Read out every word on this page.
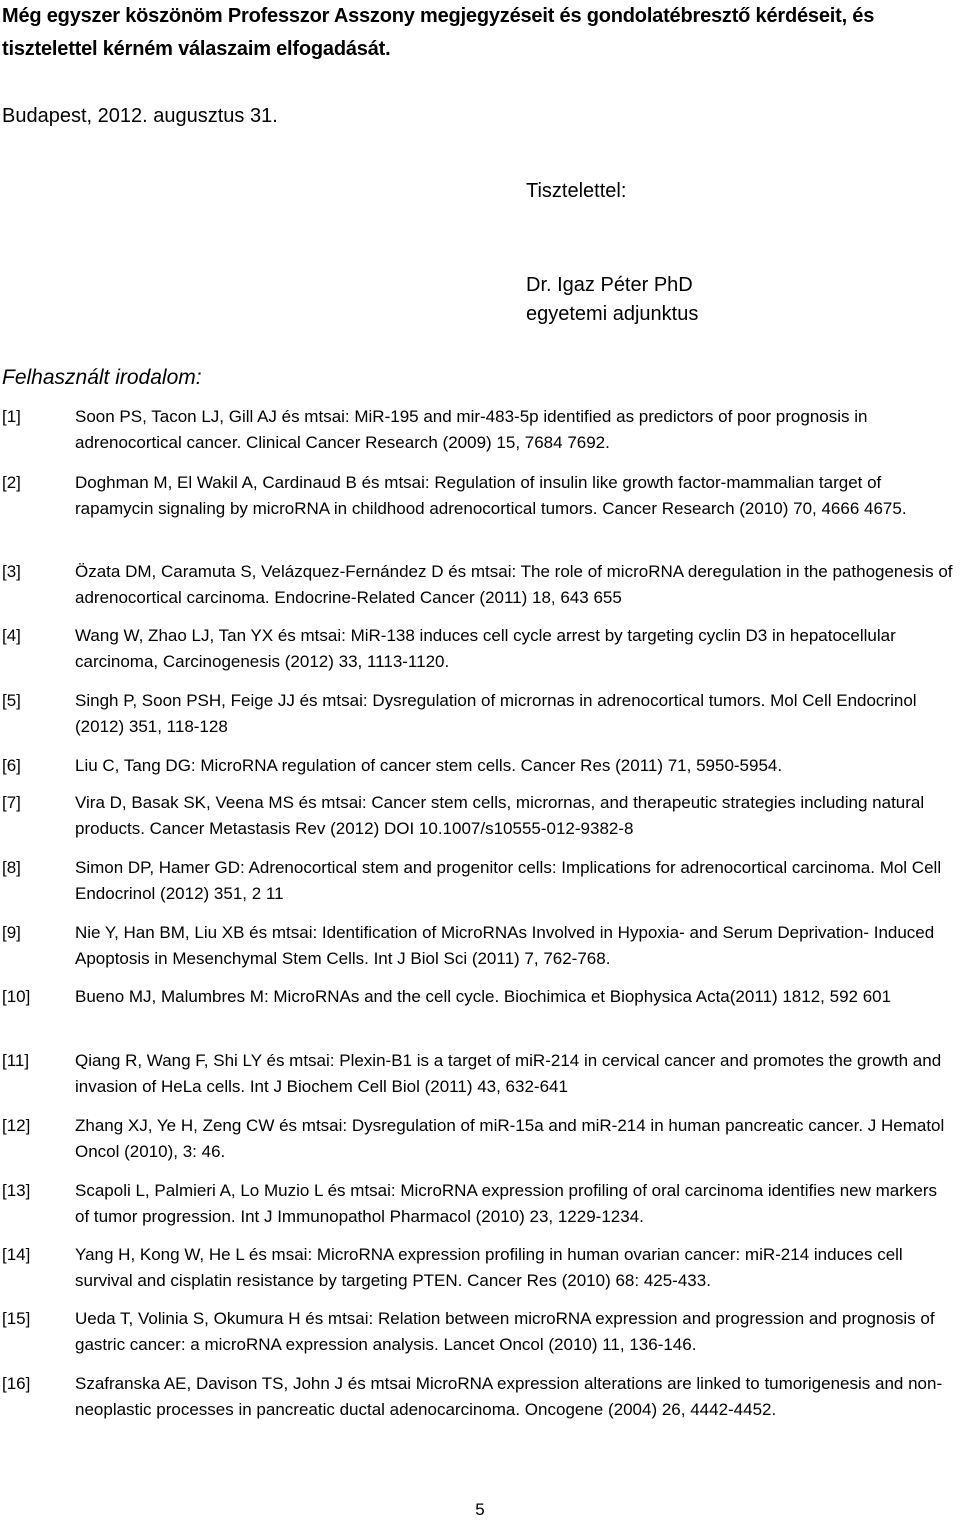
Még egyszer köszönöm Professzor Asszony megjegyzéseit és gondolatébresztő kérdéseit, és tisztelettel kérném válaszaim elfogadását.
Budapest, 2012. augusztus 31.
Tisztelettel:
Dr. Igaz Péter PhD
egyetemi adjunktus
Felhasznált irodalom:
[1]	Soon PS, Tacon LJ, Gill AJ és mtsai: MiR-195 and mir-483-5p identified as predictors of poor prognosis in adrenocortical cancer. Clinical Cancer Research (2009) 15, 7684 7692.
[2]	Doghman M, El Wakil A, Cardinaud B és mtsai: Regulation of insulin like growth factor-mammalian target of rapamycin signaling by microRNA in childhood adrenocortical tumors. Cancer Research (2010) 70, 4666 4675.
[3]	Özata DM, Caramuta S, Velázquez-Fernández D és mtsai: The role of microRNA deregulation in the pathogenesis of adrenocortical carcinoma. Endocrine-Related Cancer (2011) 18, 643 655
[4]	Wang W, Zhao LJ, Tan YX és mtsai: MiR-138 induces cell cycle arrest by targeting cyclin D3 in hepatocellular carcinoma, Carcinogenesis (2012) 33, 1113-1120.
[5]	Singh P, Soon PSH, Feige JJ és mtsai: Dysregulation of micrornas in adrenocortical tumors. Mol Cell Endocrinol (2012) 351, 118-128
[6]	Liu C, Tang DG: MicroRNA regulation of cancer stem cells. Cancer Res (2011) 71, 5950-5954.
[7]	Vira D, Basak SK, Veena MS és mtsai: Cancer stem cells, micrornas, and therapeutic strategies including natural products. Cancer Metastasis Rev (2012) DOI 10.1007/s10555-012-9382-8
[8]	Simon DP, Hamer GD: Adrenocortical stem and progenitor cells: Implications for adrenocortical carcinoma. Mol Cell Endocrinol (2012) 351, 2 11
[9]	Nie Y, Han BM, Liu XB és mtsai: Identification of MicroRNAs Involved in Hypoxia- and Serum Deprivation- Induced Apoptosis in Mesenchymal Stem Cells. Int J Biol Sci (2011) 7, 762-768.
[10]	Bueno MJ, Malumbres M: MicroRNAs and the cell cycle. Biochimica et Biophysica Acta(2011) 1812, 592 601
[11]	Qiang R, Wang F, Shi LY és mtsai: Plexin-B1 is a target of miR-214 in cervical cancer and promotes the growth and invasion of HeLa cells. Int J Biochem Cell Biol (2011) 43, 632-641
[12]	Zhang XJ, Ye H, Zeng CW és mtsai: Dysregulation of miR-15a and miR-214 in human pancreatic cancer. J Hematol Oncol (2010), 3: 46.
[13]	Scapoli L, Palmieri A, Lo Muzio L és mtsai: MicroRNA expression profiling of oral carcinoma identifies new markers of tumor progression. Int J Immunopathol Pharmacol (2010) 23, 1229-1234.
[14]	Yang H, Kong W, He L és msai: MicroRNA expression profiling in human ovarian cancer: miR-214 induces cell survival and cisplatin resistance by targeting PTEN. Cancer Res (2010) 68: 425-433.
[15]	Ueda T, Volinia S, Okumura H és mtsai: Relation between microRNA expression and progression and prognosis of gastric cancer: a microRNA expression analysis. Lancet Oncol (2010) 11, 136-146.
[16]	Szafranska AE, Davison TS, John J és mtsai MicroRNA expression alterations are linked to tumorigenesis and non-neoplastic processes in pancreatic ductal adenocarcinoma. Oncogene (2004) 26, 4442-4452.
5
